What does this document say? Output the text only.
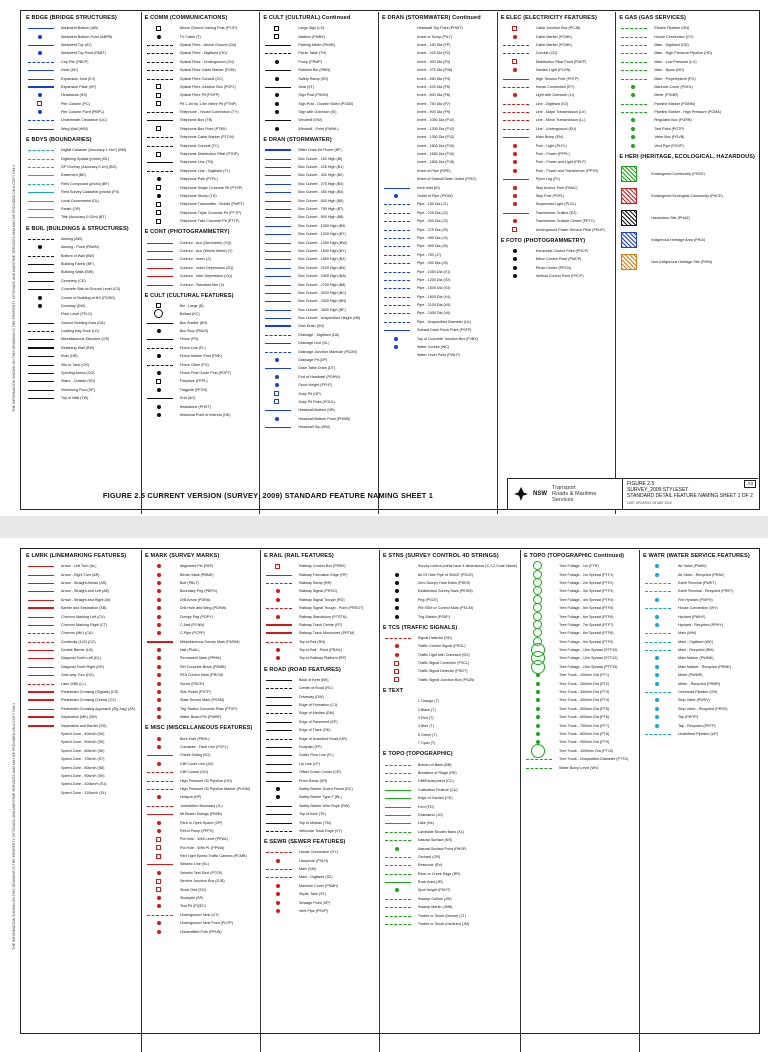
THE INFORMATION SHOWN ON THIS DRAWING IS THE PROPERTY OF ROADS AND MARITIME SERVICES AND MAY BE PROVIDED ON A COPY ONLY
E BDGE (BRIDGE STRUCTURES)
Abutment Bottom (AB)
Abutment Bottom Point (ABPB)
Abutment Top (AT)
Abutment Top Point (PABT)
Cap Pile (PBCP)
Deck (DK)
Expansion Joint (EJ)
Expansion Plate (XP)
Headstock (HS)
Pier Column (PC)
Pier Column Point (PBPC)
Underneath Clearance (UC)
Wing Wall (WW)
E BDYS (BOUNDARIES)
Digital Cadastre (Accuracy 1.0m?) (BM)
Digitising Spatial (photo) (BL)
GP Overlay (Accuracy 0.1m) (BG)
Easement (BE)
Field Compound (photo) (BF)
Field Survey Cadastral (photo) (FS)
Local Government (DL)
Parish (OP)
Title (Accuracy 0.02m) (BT)
E BUIL (BUILDINGS & STRUCTURES)
Awning (AW)
Awning - Point (PAWN)
Bottom of Wall (BW)
Building Fabric (BF)
Building Walls (BW)
Cemetery (CE)
Concrete Slab at Ground Level (CS)
Corner of Building at NG (PCBG)
Doorway (DW)
Floor Level (FFLG)
Ground Building Area (GA)
Loading Bay Dock (LD)
Miscellaneous Structure (OS)
Retaining Wall (RW)
Ruin (OR)
Silo or Tank (OS)
Sporting Arena (OO)
Stairs - Outside (SO)
Swimming Pool (SP)
Top of Wall (TW)
E COMM (COMMUNICATIONS)
Above Ground Joining Post (PTJP)
TV Cable (T)
Optical Fibre - Above Ground (OA)
Optical Fibre - Digitised (OD)
Optical Fibre - Underground (OU)
Optical Fibre Cable Marker (POM)
Optical Fibre Conduit (OC)
Optical Fibre Junction Box (POFJ)
Optical Fibre Pit (POFP)
Pit 1.1m by 1.5m Metre Pit (PTNP)
Telephone - House Connection (TY)
Telephone Box (TB)
Telephone Box Point (PTBX)
Telephone Cable Marker (PTCM)
Telephone Conduit (TC)
Telephone Distribution Pillar (PTDP)
Telephone Line (TN)
Telephone Line - Digitised (TL)
Telephone Pole (PTPL)
Telephone Single Concrete Pit (PTSP)
Telephone Stump (TS)
Telephone Transmitter - Mobile (PMPT)
Telephone Triple Concrete Pit (PTTP)
Telephone Twin Concrete Pit (PTTP)
E CONT (PHOTOGRAMMETRY)
Contour - Aux (Decimetre) (YQ)
Contour - Aux (Whole Metre) (Y)
Contour - Index (Z)
Contour - Index Depression (ZQ)
Contour - Inter Depression (XQ)
Contour - Standard Mm (X)
E CULT (CULTURAL FEATURES)
Bin - Large (B)
Bollard (KC)
Bus Shelter (BH)
Bus Stop (PBUS)
Fence (FN)
Fence Line (FL)
Fence Marker Post (FMK)
Fence Other (FO)
Fence Post Guide Post (PGPT)
Fireplace (PFPL)
Flagpole (PFGS)
Grid (AG)
Headstone (PHST)
Historical Point of Interest (HD)
E CULT (CULTURAL) Continued
Large Sign (LS)
Mailbox (PMBX)
Parking Meter (PKME)
Picnic Table (TH)
Pump (PPMP)
Rubbish Bin (PBIN)
Safety Ramp (SR)
Seat (ST)
Sign Post (PSGN)
Sign Post - Double Sided (PSDB)
Sign with Outreach (SI)
Windmill (OW)
Windmill - Point (PWML)
E DRAN (STORMWATER)
Bitter Drain Kit Flume (BF)
Box Culvert - 150 High (BI)
Box Culvert - 225 High (B1)
Box Culvert - 300 High (B2)
Box Culvert - 375 High (B3)
Box Culvert - 450 High (B4)
Box Culvert - 600 High (B5)
Box Culvert - 750 High (B7)
Box Culvert - 900 High (B8)
Box Culvert - 1050 High (B9)
Box Culvert - 1200 High (BT)
Box Culvert - 1350 High (BW)
Box Culvert - 1500 High (BY)
Box Culvert - 1800 High (BZ)
Box Culvert - 2100 High (B4)
Box Culvert - 2400 High (BA)
Box Culvert - 2700 High (B8)
Box Culvert - 3000 High (BC)
Box Culvert - 3300 High (BN)
Box Culvert - 3600 High (BF)
Box Culvert - Unspecified Height (UB)
Dish Drain (DD)
Drainage - Digitised (DA)
Drainage Line (DL)
Drainage Junction Manhole (PDJM)
Drainage Pit (DP)
Drain Table Drain (DT)
End of Headwall (PDHW)
Flood Height (PFHT)
Gully Pit (GP)
Gully Pit Point (PGUL)
Headwall Bottom (HB)
Headwall Bottom Point (PHWB)
Headwall Top (HW)
E DRAN (STORMWATER) Continued
Headwall Top Point (PHWT)
Invert or Sump (PILT)
Invert - 150 Dia (FP)
Invert - 225 Dia (P2)
Invert - 300 Dia (P3)
Invert - 375 Dia (P36)
Invert - 450 Dia (P4)
Invert - 525 Dia (P5)
Invert - 600 Dia (P6)
Invert - 750 Dia (P7)
Invert - 900 Dia (P9)
Invert - 1050 Dia (P10)
Invert - 1200 Dia (P12)
Invert - 1350 Dia (P13)
Invert - 1500 Dia (P15)
Invert - 1650 Dia (P16)
Invert - 1800 Dia (P18)
Invert of Pipe (PIPE)
Invert of Subsoil Drain Outlet (PISO)
Kerb Inlet (KI)
Outlet of Pipe (PIOW)
Pipe - 150 Dia (J1)
Pipe - 225 Dia (J2)
Pipe - 300 Dia (J3)
Pipe - 375 Dia (J5)
Pipe - 450 Dia (J4)
Pipe - 600 Dia (J6)
Pipe - 750 (J7)
Pipe - 900 Dia (J9)
Pipe - 1050 Dia (V1)
Pipe - 1200 Dia (V2)
Pipe - 1500 Dia (V3)
Pipe - 1800 Dia (V4)
Pipe - 2100 Dia (V5)
Pipe - 2400 Dia (V6)
Pipe - Unspecified Diameter (UL)
Subsoil Drain Flush Point (PSFP)
Top of Concrete Junction Box (PJBX)
Water Course (WC)
Water Level Point (PWLP)
E ELEC (ELECTRICITY FEATURES)
Cable Junction Box (PCJB)
Cable Marker (PCMK)
Cable Marker (PCMK)
Conduit (CD)
Distribution Pillar Point (PDEP)
Garden Light (PLGN)
High Tension Pole (PHTP)
House Connection (EY)
Light with Outreach (LI)
Line - Digitised (EZ)
Line - Major Transmission (LV)
Line - Minor Transmission (LL)
Line - Underground (EU)
Main Bump (EN)
Pole - Light (PLPL)
Pole - Power (PPPL)
Pole - Power and Light (PPLP)
Pole - Power and Transformer (PPTR)
Pylon Leg (PL)
Stay Anchor Pole (PANC)
Stay Pole (PSPL)
Suspended Light (PLSL)
Transformer Outline (EZ)
Transformer Outside Centre (PETC)
Underground Power Service Pillar (PEUP)
E FOTO (PHOTOGRAMMETRY)
Horizontal Control Point (PHCP)
Minor Control Point (PMCP)
Photo Centre (PPCN)
Vertical Control Point (PVCP)
E GAS (GAS SERVICES)
Ethane Pipeline (GN)
House Connection (GY)
Main - Digitised (GD)
Main - High Pressure Pipeline (HD)
Main - Low Pressure (LG)
Main - Nylon (NG)
Main - Polyethylene (PG)
Manhole Cover (PGHL)
Meter (PGMR)
Pipeline Marker (PGMM)
Pipeline Marker - High Pressure (PGMA)
Regulator Box (PGRB)
Test Point (PGTP)
Valve Box (PGVB)
Vent Pipe (PGVP)
E HERI (HERITAGE, ECOLOGICAL, HAZARDOUS)
Endangered Community (PHCE)
Endangered Ecological Community (PHCE)
Hazardous Site (PHAZ)
Indigenous Heritage Area (PHIA)
Non-Indigenous Heritage Site (PHNI)
FIGURE 2.5 CURRENT VERSION (SURVEY_2009) STANDARD FEATURE NAMING SHEET 1	NSW
Transport
Roads & Maritime
Services
A3
FIGURE 2.5
SURVEY_2009 STYLESET
STANDARD DETAIL FEATURE NAMING SHEET 1 OF 2
LAST UPDATED: 09 MAY 2018
THE INFORMATION SHOWN ON THIS DRAWING IS THE PROPERTY OF ROADS AND MARITIME SERVICES AND MAY BE PROVIDED ON A COPY ONLY
E LMRK (LINEMARKING FEATURES)
Arrow - Left Turn (AL)
Arrow - Right Turn (AR)
Arrow - Straight Ahead (AS)
Arrow - Straight and Left (AE)
Arrow - Straight and Right (AI)
Barrier and Separation (SB)
Chevron Marking Left (CV)
Chevron Marking Right (CT)
Chevron (MK) (CA)
Continuity (1x3) (CC)
Double Barrier (LB)
Diagonal Tooth Left (DL)
Diagonal Tooth Right (DR)
Give-way Turn (DG)
Lane (MB) (LL)
Pedestrian Crossing (Signals) (CS)
Pedestrian Crossing (Zebra) (CZ)
Pedestrian Crossing Approach (Zig Zag) (ZA)
Separation (MK) (SM)
Separation and Barrier (SS)
Speed Zone - 40km/h (S4)
Speed Zone - 50km/h (S5)
Speed Zone - 60km/h (S6)
Speed Zone - 70km/h (S7)
Speed Zone - 80km/h (S8)
Speed Zone - 90km/h (S9)
Speed Zone - 100km/h (S1)
Speed Zone - 110km/h (SL)
E MARK (SURVEY MARKS)
Alignment Pin (PAP)
Bench Mark (PBMK)
Bolt (PBLT)
Boundary Peg (PBPG)
Drill Arrow (PDRA)
Drill Hole and Wing (PDHW)
Dumpy Peg (PDPY)
C-Nail (PCNN)
C-Pipe (PCPP)
Miscellaneous Survey Mark (PMSM)
Nail (PNAL)
Permanent Mark (PPMK)
Ref Concrete Block (PRMB)
RTA Control Mark (PRCM)
Screw (PSCR)
Star Picket (PSTP)
State Survey Mark (PSSM)
Trig Station Concrete Pillar (PTSP)
Water Board Pin (PWBP)
E MISC (MISCELLANEOUS FEATURES)
Bore Hole (PBHL)
Crevasse - Fault Line (PCFL)
Check Siding (SG)
Cliff Cover Line (AX)
Cliff Course (OG)
High Pressure Oil Pipeline (HO)
High Pressure Oil Pipeline Marker (PHOM)
Hotspot (HP)
Jurisdiction Boundary (JL)
Mt Beach Sidings (PBSB)
Park or Open Space (OP)
Petrol Pump (PPPS)
Pot Hole - Well Level (PPWL)
Pot Hole - With PL (PPWA)
Red Light Speed Traffic Camera (PCMB)
Seismic Line (SL)
Seismic Test Shot (PTSS)
Service Junction Box (EJB)
Stock Grid (SG)
Stockpile (SP)
Test Pit (PQEC)
Underground Tank (UT)
Underground Tank Point (PUTP)
Unidentified Pole (PPUN)
E RAIL (RAIL FEATURES)
Railway Control Box (PRBX)
Railway Formation Edge (RF)
Railway Ramp (RR)
Railway Signal (PRSG)
Railway Signal Trough (RG)
Railway Signal Trough - Point (PRSGT)
Railway Stanchions (PTSTN)
Railway Track Centre (RT)
Railway Track Monument (PRTM)
Top of Rail (RN)
Top of Rail - Point (PRAIL)
Top of Railway Platform (RP)
E ROAD (ROAD FEATURES)
Back of Kerb (BK)
Centre of Road (RC)
Driveway (DW)
Edge of Formation (CJ)
Edge of Median (DM)
Edge of Pavement (EP)
Edge of Track (OK)
Edge of Unsealed Road (UR)
Footpath (FP)
Gutter Flow Line (FL)
Lip Line (LP)
Offset Crown Crown (CR)
Pram Ramp (KR)
Safety Barrier Guard Fence (RC)
Safety Barrier Type F (BL)
Safety Barrier Wire Rope (RW)
Top of Kerb (TK)
Top of Median (TM)
Vehicular Track Edge (VT)
E SEWR (SEWER FEATURES)
House Connection (HY)
Lamphole (PSLH)
Main (SM)
Main - Digitised (SZ)
Manhole Cover (PSMH)
Septic Tank (ST)
Sewage Point (SP)
Vent Pipe (PSVP)
E STNS (SURVEY CONTROL 4D STRINGS)
Survey control points have 4 dimensions (X,Y,Z,Code Name)
All Of Hole Pipe of SMCE (PSCE)
Zero Dumpy Hole Estim (PSES)
Established Survey Mark (PESM)
Peg (PSCE)
PM SSM or Control Mark (PSCM)
Trig Station (PSSP)
E TCS (TRAFFIC SIGNALS)
Signal Detector (SD)
Traffic Control Signal (PSGL)
Traffic Light with Outreach (SO)
Traffic Signal Controller (PSCL)
Traffic Signal Detector (PSDT)
Traffic Signal Junction Box (PSJB)
E TEXT
1 Orange (T)
2 Black (T)
3 Red (T)
4 Blue (T)
5 Green (T)
7 Cyan (T)
E TOPO (TOPOGRAPHIC)
Bottom of Bank (BB)
Breakline of Ridge (RE)
Cliff/Escarpment (CC)
Cultivation Feature (CU)
Edge of Garden (CE)
Ford (FD)
Grassland (JG)
Lake (NL)
Landslide Eroded Bank (XL)
Natural Surface (NS)
Natural Surface Point (PNSP)
Orchard (OR)
Reservoir (RV)
River or Creek Edge (RR)
Rock Area (JR)
Spot Height (PSHT)
Swamp Outline (JW)
Swamp Marsh (JMN)
Timber or Scrub (Dense) (JT)
Timber or Scrub (medium) (JM)
E TOPO (TOPOGRAPHIC Continued)
Tree Foliage - 1m (FTR)
Tree Foliage - 1m Spread (PTF1)
Tree Foliage - 2m Spread (PTF2)
Tree Foliage - 3m Spread (PTF3)
Tree Foliage - 4m Spread (PTF4)
Tree Foliage - 5m Spread (PTF5)
Tree Foliage - 6m Spread (PTF6)
Tree Foliage - 7m Spread (PTF7)
Tree Foliage - 8m Spread (PTF8)
Tree Foliage - 9m Spread (PTF9)
Tree Foliage - 10m Spread (PTF10)
Tree Foliage - 12m Spread (PTF12)
Tree Foliage - 15m Spread (PTF15)
Tree Trunk - 100mm Dia (PT1)
Tree Trunk - 200mm Dia (PT2)
Tree Trunk - 300mm Dia (PT3)
Tree Trunk - 400mm Dia (PT4)
Tree Trunk - 500mm Dia (PT5)
Tree Trunk - 600mm Dia (PT6)
Tree Trunk - 700mm Dia (PT7)
Tree Trunk - 800mm Dia (PT8)
Tree Trunk - 900mm Dia (PT9)
Tree Trunk - 1000mm Dia (PT10)
Tree Trunk - Unspecified Diameter (PTTU)
Water Bump Level (WV)
E WATR (WATER SERVICE FEATURES)
Air Valve (PWAV)
Air Valve - Recycled (PRAV)
Earth Terminal (PWET)
Earth Terminal - Recycled (PRET)
Fire Hydrant (PWFH)
House Connection (WY)
Hydrant (PWHY)
Hydrant - Recycled (PRHY)
Main (WM)
Main - Digitised (WD)
Main - Recycled (RM)
Main Marker (PWMK)
Main Marker - Recycled (PRMK)
Meter (PWMR)
Meter - Recycled (PRMR)
Overhead Pipeline (OH)
Stop Valve (PWSV)
Stop Valve - Recycled (PRSV)
Tap (PWTP)
Tap - Recycled (PRTP)
Underfeed Pipeline (UP)
